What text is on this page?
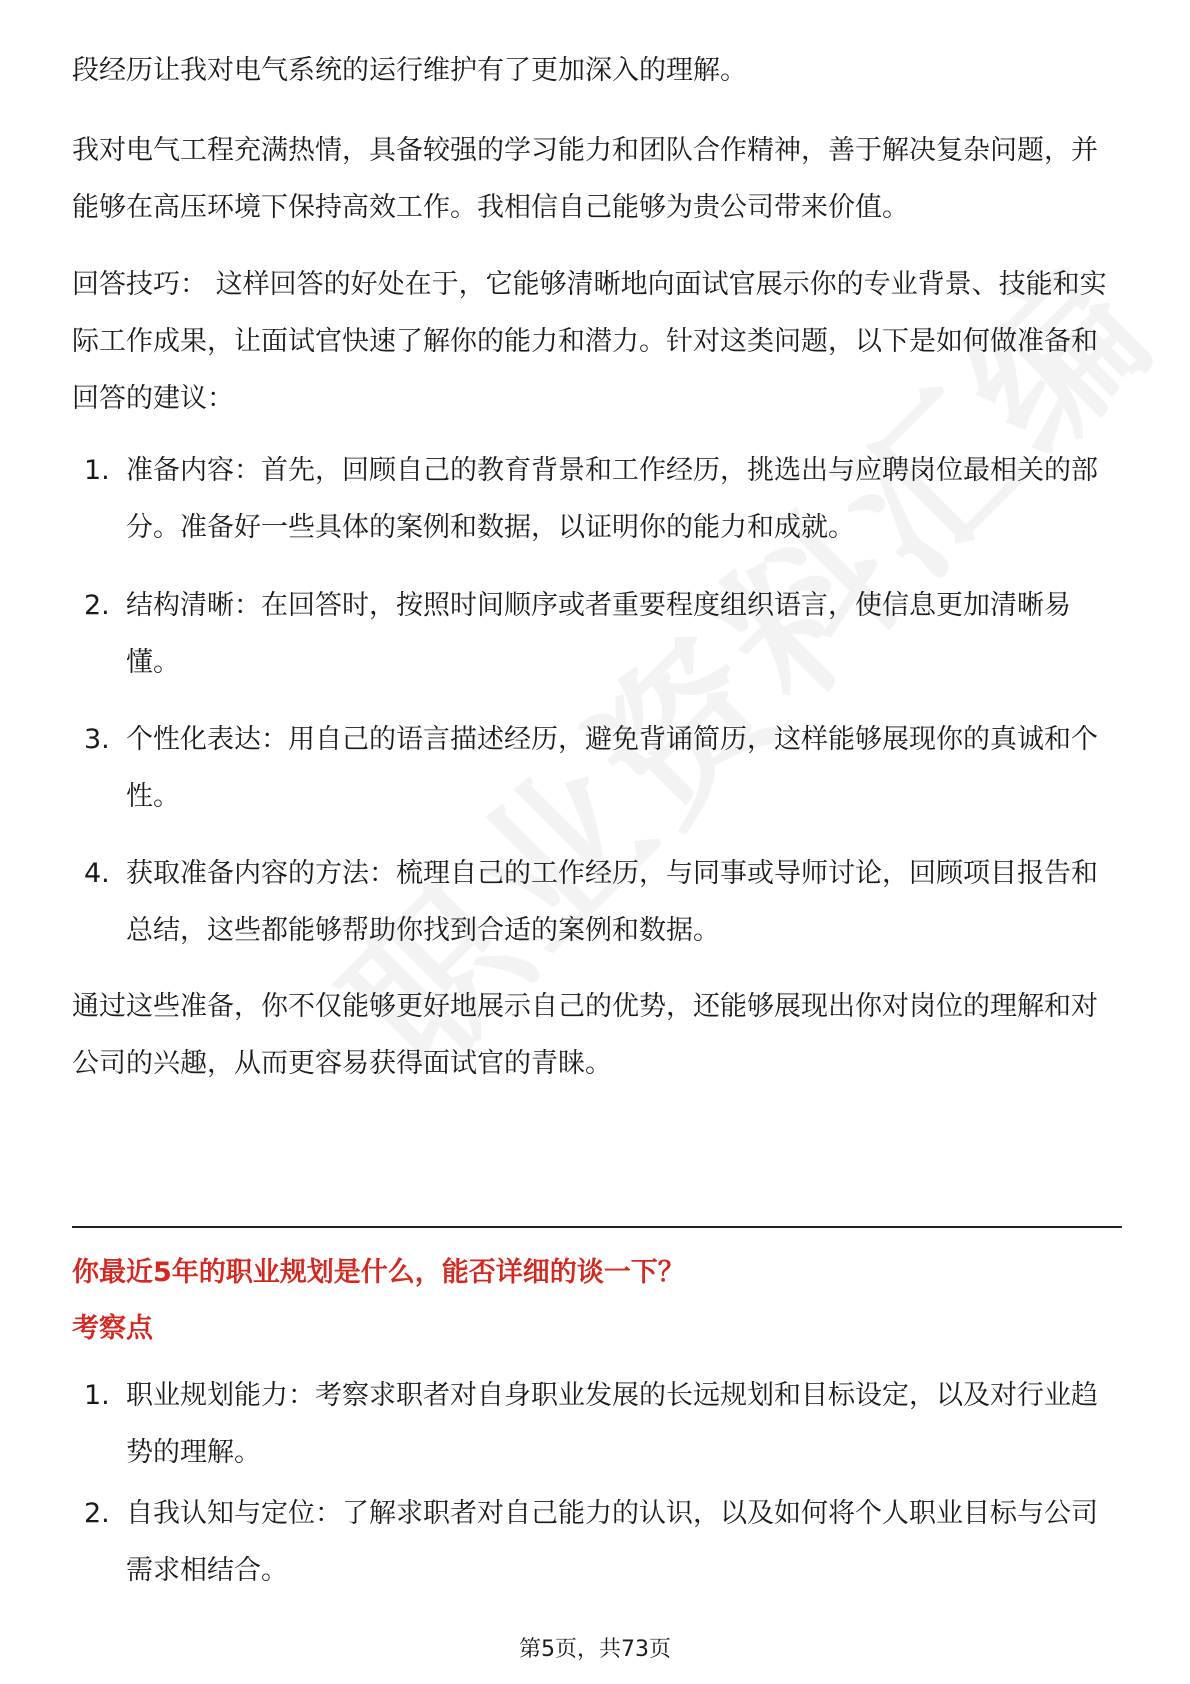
段经历让我对电气系统的运行维护有了更加深入的理解。

我对电气工程充满热情，具备较强的学习能力和团队合作精神，善于解决复杂问题，并能够在高压环境下保持高效工作。我相信自己能够为贵公司带来价值。

回答技巧： 这样回答的好处在于，它能够清晰地向面试官展示你的专业背景、技能和实际工作成果，让面试官快速了解你的能力和潜力。针对这类问题，以下是如何做准备和回答的建议：

1. 准备内容：首先，回顾自己的教育背景和工作经历，挑选出与应聘岗位最相关的部分。准备好一些具体的案例和数据，以证明你的能力和成就。
2. 结构清晰：在回答时，按照时间顺序或者重要程度组织语言，使信息更加清晰易懂。
3. 个性化表达：用自己的语言描述经历，避免背诵简历，这样能够展现你的真诚和个性。
4. 获取准备内容的方法：梳理自己的工作经历，与同事或导师讨论，回顾项目报告和总结，这些都能够帮助你找到合适的案例和数据。

通过这些准备，你不仅能够更好地展示自己的优势，还能够展现出你对岗位的理解和对公司的兴趣，从而更容易获得面试官的青睐。

你最近5年的职业规划是什么，能否详细的谈一下？
考察点
1. 职业规划能力：考察求职者对自身职业发展的长远规划和目标设定，以及对行业趋势的理解。
2. 自我认知与定位：了解求职者对自己能力的认识，以及如何将个人职业目标与公司需求相结合。
第5页，共73页
